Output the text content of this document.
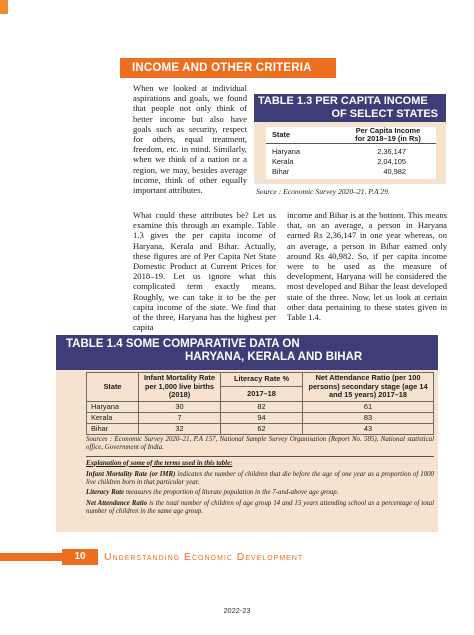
INCOME AND OTHER CRITERIA

When we looked at individual aspirations and goals, we found that people not only think of better income but also have goals such as security, respect for others, equal treatment, freedom, etc. in mind. Similarly, when we think of a nation or a region, we may, besides average income, think of other equally important attributes.

TABLE 1.3 PER CAPITA INCOME
OF SELECT STATES
State	Per Capita Income
for 2018–19 (in Rs)
Haryana	2,36,147
Kerala	2,04,105
Bihar	40,982
Source : Economic Survey 2020–21, P.A 29.

What could these attributes be? Let us examine this through an example. Table 1.3 gives the per capita income of Haryana, Kerala and Bihar. Actually, these figures are of Per Capita Net State Domestic Product at Current Prices for 2018–19. Let us ignore what this complicated term exactly means. Roughly, we can take it to be the per capita income of the state. We find that of the three, Haryana has the highest per capita

income and Bihar is at the bottom. This means that, on an average, a person in Haryana earned Rs 2,36,147 in one year whereas, on an average, a person in Bihar earned only around Rs 40,982. So, if per capita income were to be used as the measure of development, Haryana will be considered the most developed and Bihar the least developed state of the three. Now, let us look at certain other data pertaining to these states given in Table 1.4.

TABLE 1.4 SOME COMPARATIVE DATA ON
HARYANA, KERALA AND BIHAR
State	Infant Mortality Rate per 1,000 live births (2018)	Literacy Rate %	Net Attendance Ratio (per 100 persons) secondary stage (age 14 and 15 years) 2017–18
		2017–18	
Haryana	30	82	61
Kerala	7	94	83
Bihar	32	62	43
Sources : Economic Survey 2020–21, P.A 157, National Sample Survey Organisation (Report No. 585), National statistical office, Government of India.
Explanation of some of the terms used in this table:
Infant Mortality Rate (or IMR) indicates the number of children that die before the age of one year as a proportion of 1000 live children born in that particular year.
Literacy Rate measures the proportion of literate population in the 7-and-above age group.
Net Attendance Ratio is the total number of children of age group 14 and 15 years attending school as a percentage of total number of children in the same age group.
10	Understanding Economic Development
2022-23
